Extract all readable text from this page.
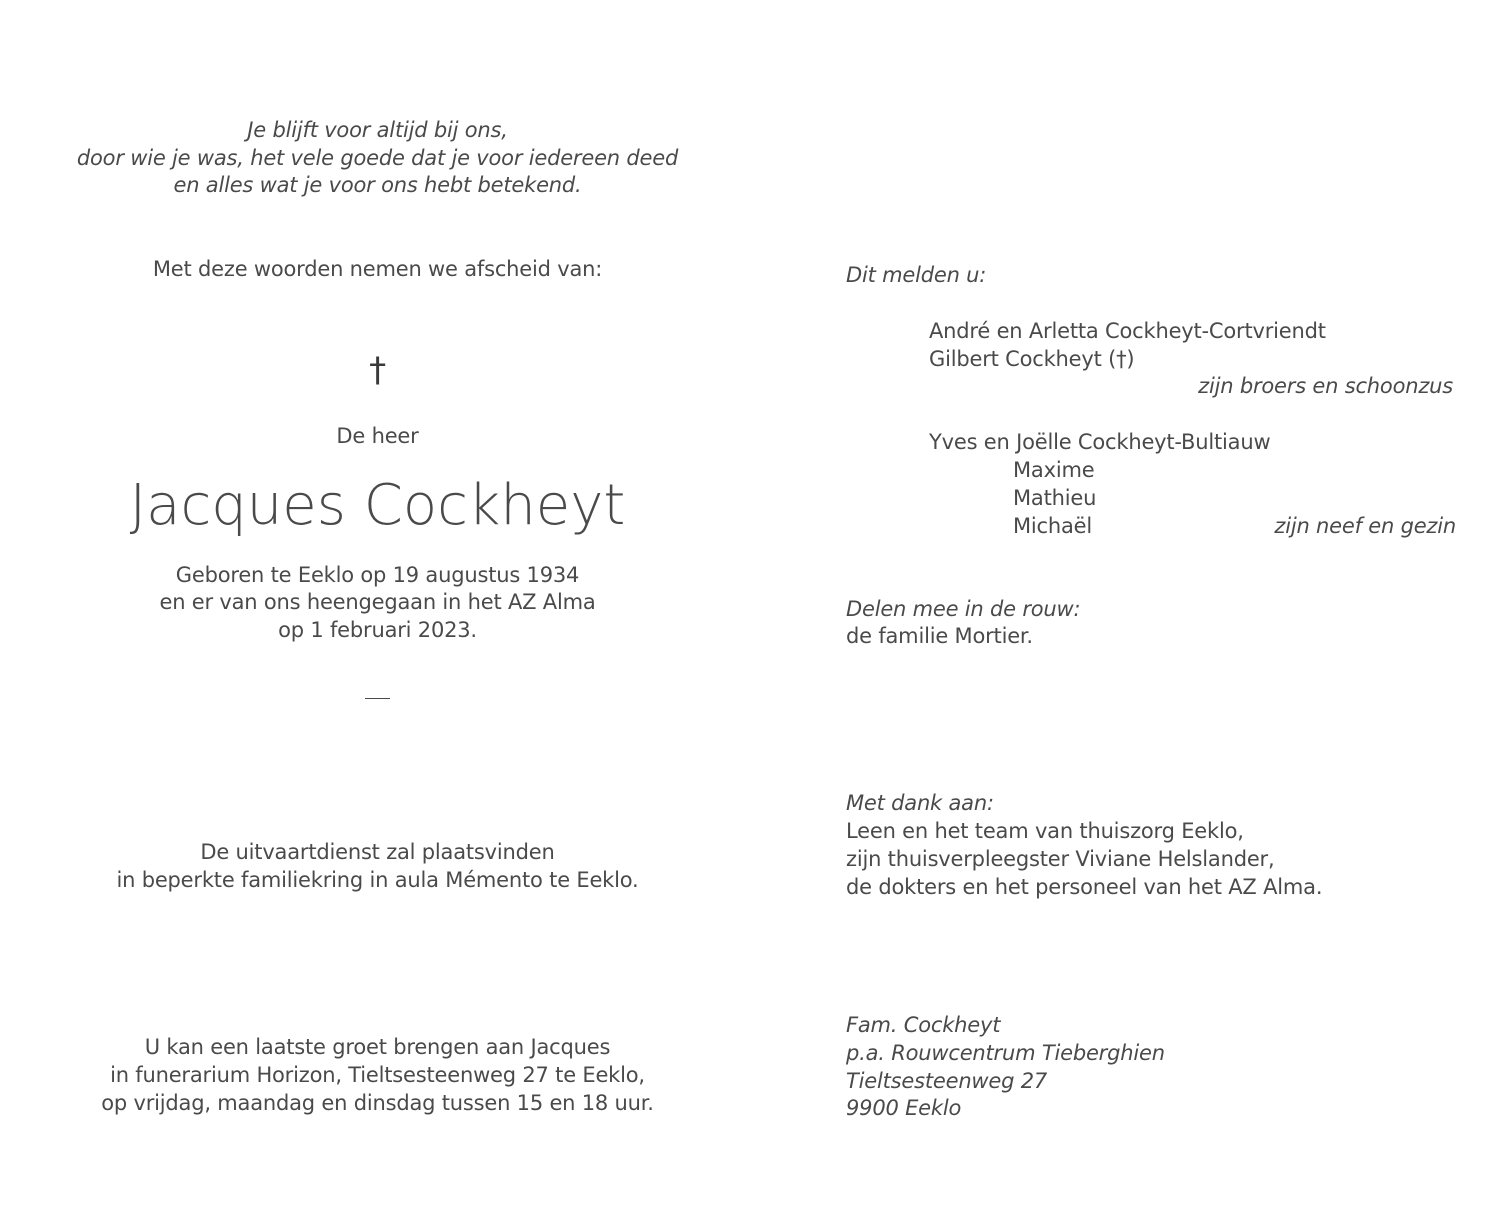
Je blijft voor altijd bij ons,
door wie je was, het vele goede dat je voor iedereen deed
en alles wat je voor ons hebt betekend.
Met deze woorden nemen we afscheid van:
†
De heer
Jacques Cockheyt
Geboren te Eeklo op 19 augustus 1934
en er van ons heengegaan in het AZ Alma
op 1 februari 2023.
De uitvaartdienst zal plaatsvinden
in beperkte familiekring in aula Mémento te Eeklo.
U kan een laatste groet brengen aan Jacques
in funerarium Horizon, Tieltsesteenweg 27 te Eeklo,
op vrijdag, maandag en dinsdag tussen 15 en 18 uur.
Dit melden u:
André en Arletta Cockheyt-Cortvriendt
Gilbert Cockheyt (†)
zijn broers en schoonzus
Yves en Joëlle Cockheyt-Bultiauw
Maxime
Mathieu
Michaël	zijn neef en gezin
Delen mee in de rouw:
de familie Mortier.
Met dank aan:
Leen en het team van thuiszorg Eeklo,
zijn thuisverpleegster Viviane Helslander,
de dokters en het personeel van het AZ Alma.
Fam. Cockheyt
p.a. Rouwcentrum Tieberghien
Tieltsesteenweg 27
9900 Eeklo
